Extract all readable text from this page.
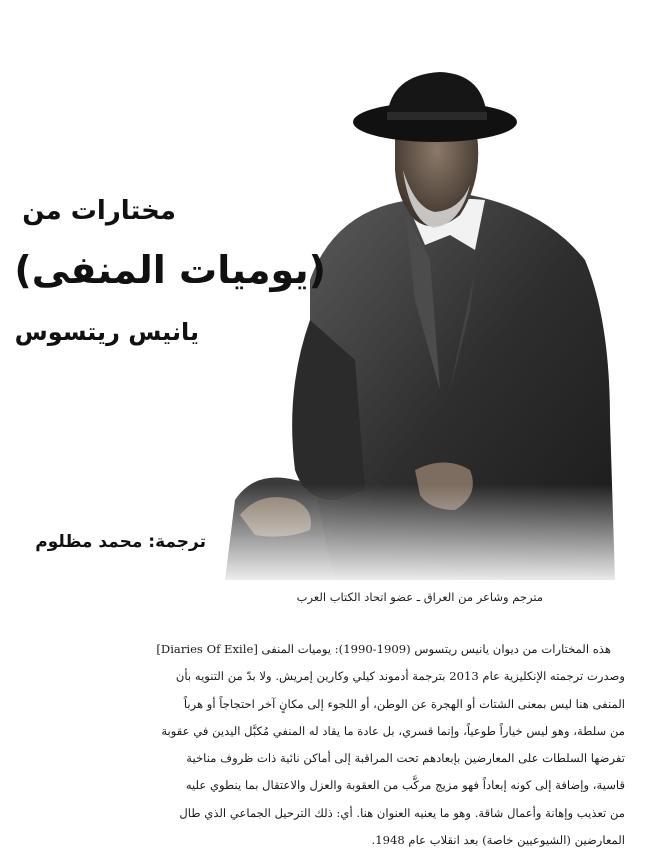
مختارات من
(يوميات المنفى)
يانيس ريتسوس
ترجمة: محمد مظلوم
مترجم وشاعر من العراق ـ عضو اتحاد الكتاب العرب
هذه المختارات من ديوان يانيس ريتسوس (1909-1990): يوميات المنفى [Diaries Of Exile]
وصدرت ترجمته الإنكليزية عام 2013 بترجمة أدموند كيلي وكارين إمريش. ولا بدّ من التنويه بأن
المنفى هنا ليس بمعنى الشتات أو الهجرة عن الوطن، أو اللجوء إلى مكانٍ آخر احتجاجاً أو هرباً
من سلطة، وهو ليس خياراً طوعياً، وإنما قسري، بل عادة ما يقاد له المنفي مُكبَّل اليدين في عقوبة
تفرضها السلطات على المعارضين بإبعادهم تحت المراقبة إلى أماكن نائية ذات ظروف مناخية
قاسية، وإضافة إلى كونه إبعاداً فهو مزيج مركَّب من العقوبة والعزل والاعتقال بما ينطوي عليه
من تعذيب وإهانة وأعمال شاقة. وهو ما يعنيه العنوان هنا. أي: ذلك الترحيل الجماعي الذي طال
المعارضين (الشيوعيين خاصة) بعد انقلاب عام 1948.
